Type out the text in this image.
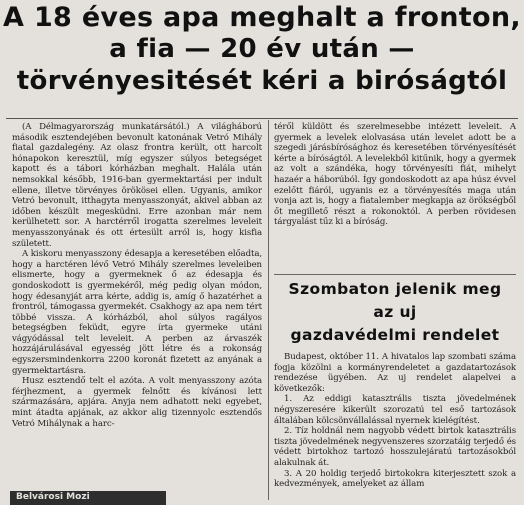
A 18 éves apa meghalt a fronton,
a fia — 20 év után —
törvényesitését kéri a biróságtól

(A Délmagyarország munkatársától.) A világháború második esztendejében bevonult katonának Vetró Mihály fiatal gazdalegény. Az olasz frontra került, ott harcolt hónapokon keresztül, míg egyszer súlyos betegséget kapott és a tábori kórházban meghalt. Halála után nemsokkal később, 1916-ban gyermektartási per indult ellene, illetve törvényes örökösei ellen. Ugyanis, amikor Vetró bevonult, itthagyta menyasszonyát, akivel abban az időben készült megesküdni. Erre azonban már nem kerülhetett sor. A harctérről irogatta szerelmes leveleit menyasszonyának és ott értesült arról is, hogy kisfia született.

A kiskoru menyasszony édesapja a keresetében előadta, hogy a harctéren lévő Vetró Mihály szerelmes leveleiben elismerte, hogy a gyermeknek ő az édesapja és gondoskodott is gyermekéről, még pedig olyan módon, hogy édesanyját arra kérte, addig is, amíg ő hazatérhet a frontról, támogassa gyermekét. Csakhogy az apa nem tért többé vissza. A kórházból, ahol súlyos ragályos betegségben feküdt, egyre írta gyermeke utáni vágyódással telt leveleit. A perben az árvaszék hozzájárulásával egyesség jött létre és a rokonság egyszersmindenkorra 2200 koronát fizetett az anyának a gyermektartásra.

Husz esztendő telt el azóta. A volt menyasszony azóta férjhezment, a gyermek felnőtt és kívánosi lett származására, apjára. Anyja nem adhatott neki egyebet, mint átadta apjának, az akkor alig tizennyolc esztendős Vetró Mihálynak a harc-

téről küldött és szerelmesebbe intézett leveleit. A gyermek a levelek elolvasása után levelet adott be a szegedi járásbírósághoz és keresetében törvényesítését kérte a bíróságtól. A levelekből kitűnik, hogy a gyermek az volt a szándéka, hogy törvényesíti fiát, mihelyt hazaér a háborúból. Így gondoskodott az apa húsz évvel ezelőtt fiáról, ugyanis ez a törvényesítés maga után vonja azt is, hogy a fiatalember megkapja az örökségből őt megillető részt a rokonoktól. A perben rövidesen tárgyalást tűz ki a bíróság.

Szombaton jelenik meg
az uj
gazdavédelmi rendelet

Budapest, október 11. A hivatalos lap szombati száma fogja közölni a kormányrendeletet a gazdatartozások rendezése ügyében. Az uj rendelet alapelvei a következők:

1. Az eddigi katasztrális tiszta jövedelmének négyszeresére kikerült szorozatú tel eső tartozások általában kölcsönvállalással nyernek kielégítést.

2. Tíz holdnál nem nagyobb védett birtok katasztrális tiszta jövedelmének negyvenszeres szorzatáig terjedő és védett birtokhoz tartozó hosszulejáratú tartozásokból alakulnak át.

3. A 20 holdig terjedő birtokokra kiterjesztett szok a kedvezmények, amelyeket az állam

Belvárosi Mozi
